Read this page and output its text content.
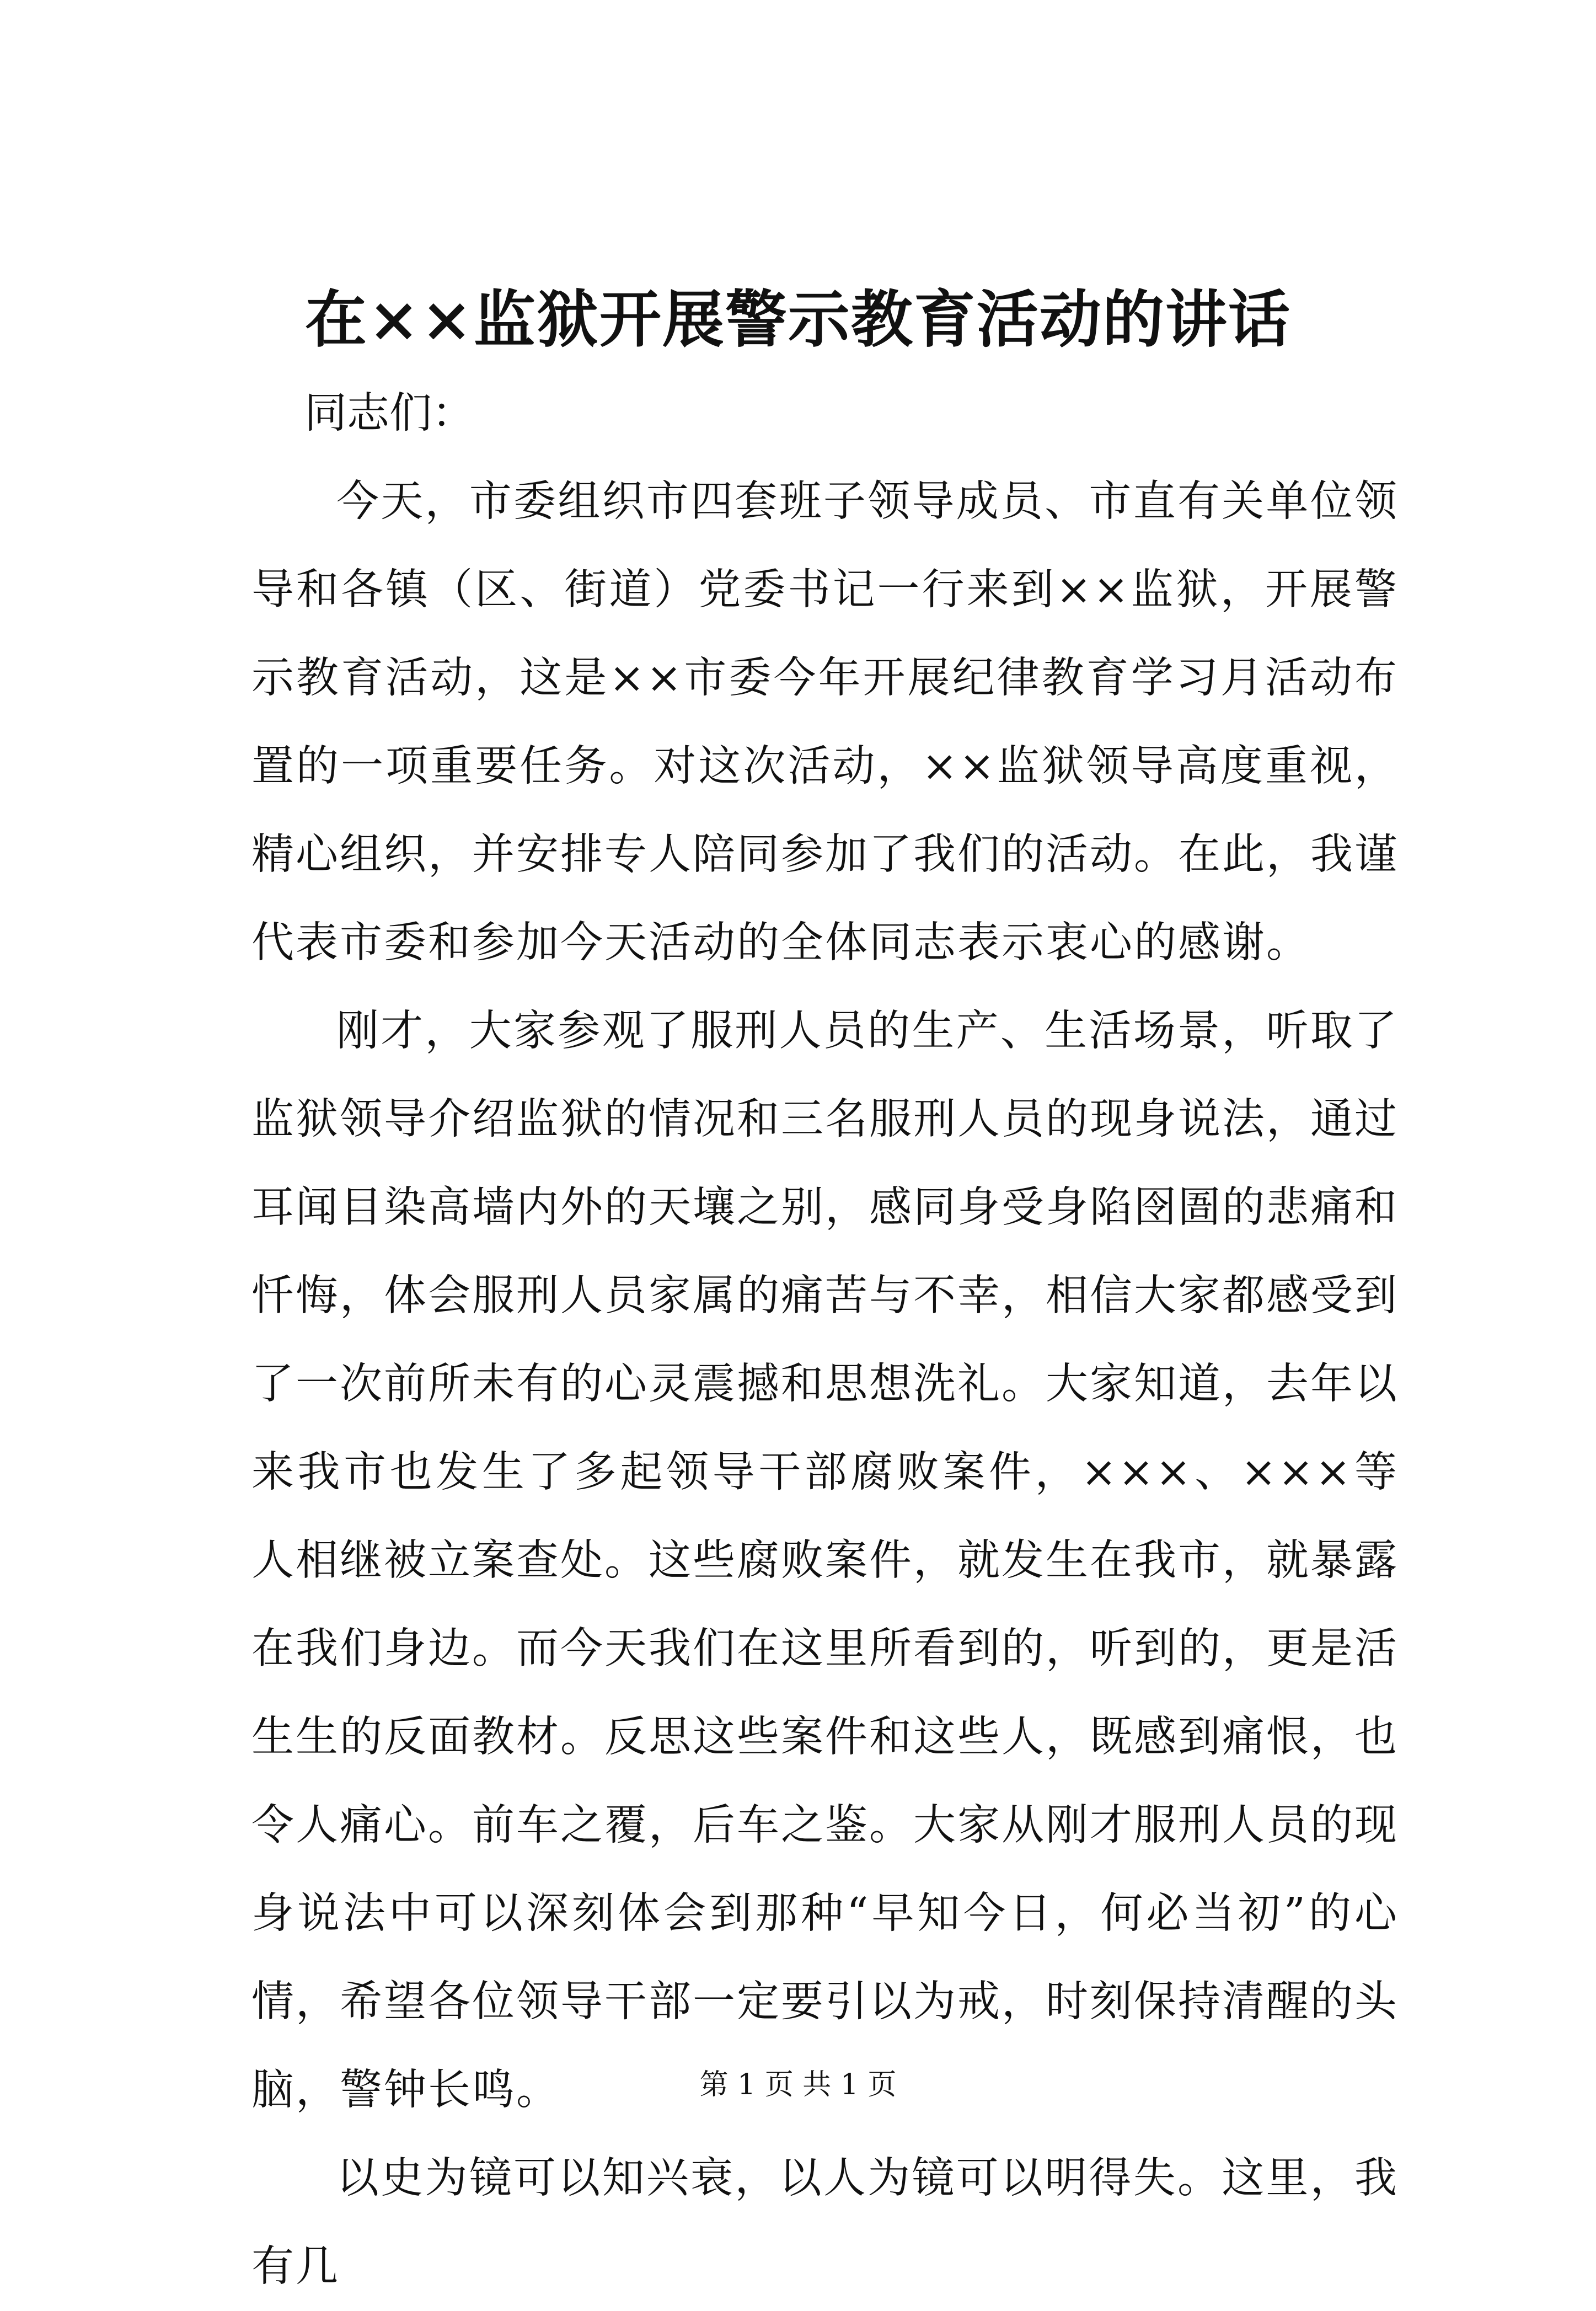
在××监狱开展警示教育活动的讲话

同志们：

今天，市委组织市四套班子领导成员、市直有关单位领导和各镇（区、街道）党委书记一行来到××监狱，开展警示教育活动，这是××市委今年开展纪律教育学习月活动布置的一项重要任务。对这次活动，××监狱领导高度重视，精心组织，并安排专人陪同参加了我们的活动。在此，我谨代表市委和参加今天活动的全体同志表示衷心的感谢。

刚才，大家参观了服刑人员的生产、生活场景，听取了监狱领导介绍监狱的情况和三名服刑人员的现身说法，通过耳闻目染高墙内外的天壤之别，感同身受身陷囹圄的悲痛和忏悔，体会服刑人员家属的痛苦与不幸，相信大家都感受到了一次前所未有的心灵震撼和思想洗礼。大家知道，去年以来我市也发生了多起领导干部腐败案件，×××、×××等人相继被立案查处。这些腐败案件，就发生在我市，就暴露在我们身边。而今天我们在这里所看到的，听到的，更是活生生的反面教材。反思这些案件和这些人，既感到痛恨，也令人痛心。前车之覆，后车之鉴。大家从刚才服刑人员的现身说法中可以深刻体会到那种“早知今日，何必当初”的心情，希望各位领导干部一定要引以为戒，时刻保持清醒的头脑，警钟长鸣。

以史为镜可以知兴衰，以人为镜可以明得失。这里，我有几

第 1 页 共 1 页
